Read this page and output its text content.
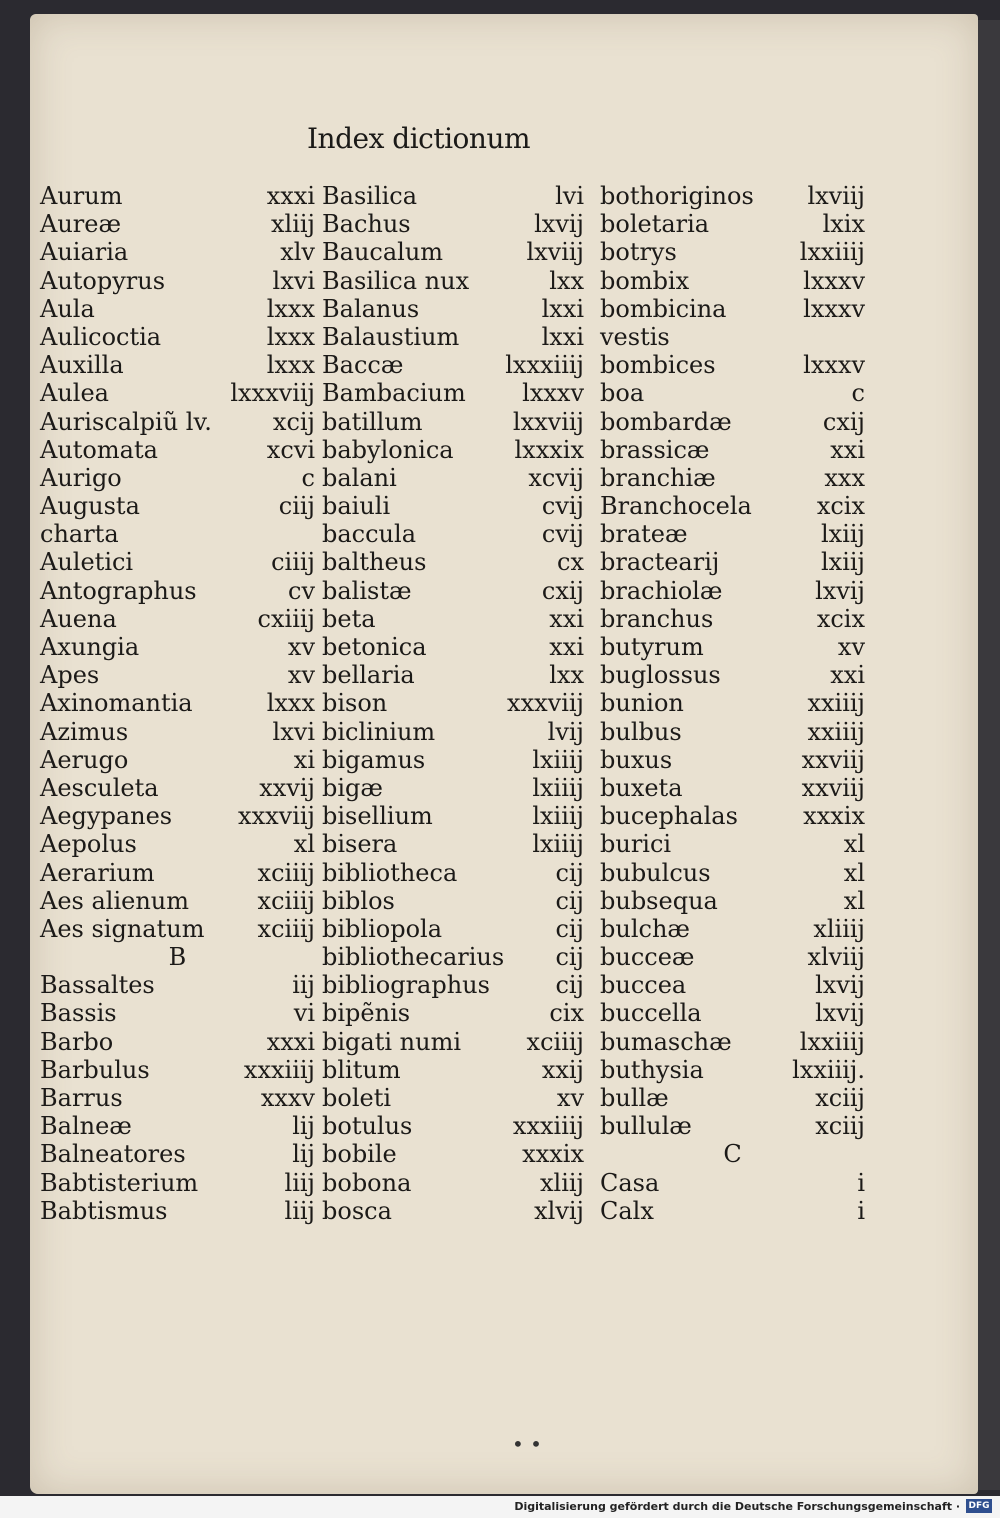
Index dictionum
Aurum	xxxi
Aureæ	xliij
Auiaria	xlv
Autopyrus	lxvi
Aula	lxxx
Aulicoctia	lxxx
Auxilla	lxxx
Aulea	lxxxviij
Auriscalpiũ lv.	xcij
Automata	xcvi
Aurigo	c
Augusta	ciij
charta
Auletici	ciiij
Antographus	cv
Auena	cxiiij
Axungia	xv
Apes	xv
Axinomantia	lxxx
Azimus	lxvi
Aerugo	xi
Aesculeta	xxvij
Aegypanes	xxxviij
Aepolus	xl
Aerarium	xciiij
Aes alienum	xciiij
Aes signatum xciiij
B
Bassaltes	iij
Bassis	vi
Barbo	xxxi
Barbulus	xxxiiij
Barrus	xxxv
Balneæ	lij
Balneatores	lij
Babtisterium	liij
Babtismus	liij
Basilica	lvi
Bachus	lxvij
Baucalum	lxviij
Basilica nux	lxx
Balanus	lxxi
Balaustium	lxxi
Baccæ	lxxxiiij
Bambacium lxxxv
batillum	lxxviij
babylonica	lxxxix
balani	xcvij
baiuli	cvij
baccula	cvij
baltheus	cx
balistæ	cxij
beta	xxi
betonica	xxi
bellaria	lxx
bison	xxxviij
biclinium	lvij
bigamus	lxiiij
bigæ	lxiiij
bisellium	lxiiij
bisera	lxiiij
bibliotheca	cij
biblos	cij
bibliopola	cij
bibliothecarius cij
bibliographus	cij
bipẽnis	cix
bigati numi	xciiij
blitum	xxij
boleti	xv
botulus	xxxiiij
bobile	xxxix
bobona	xliij
bosca	xlvij
bothoriginos lxviij
boletaria	lxix
botrys	lxxiiij
bombix	lxxxv
bombicina	lxxxv
vestis
bombices	lxxxv
boa	c
bombardæ	cxij
brassicæ	xxi
branchiæ	xxx
Branchocela	xcix
brateæ	lxiij
bractearij	lxiij
brachiolæ	lxvij
branchus	xcix
butyrum	xv
buglossus	xxi
bunion	xxiiij
bulbus	xxiiij
buxus	xxviij
buxeta	xxviij
bucephalas	xxxix
burici	xl
bubulcus	xl
bubsequa	xl
bulchæ	xliiij
bucceæ	xlviij
buccea	lxvij
buccella	lxvij
bumaschæ	lxxiiij
buthysia	lxxiiij.
bullæ	xciij
bullulæ	xciij
C
Casa	i
Calx	i
• •
Digitalisierung gefördert durch die Deutsche Forschungsgemeinschaft · DFG
